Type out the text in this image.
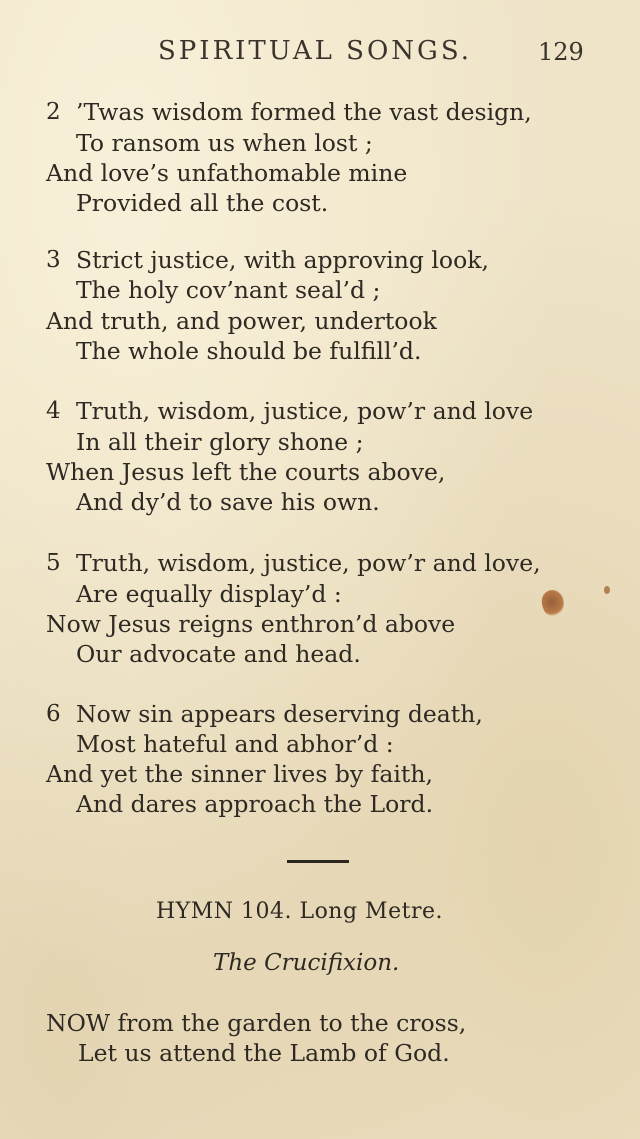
SPIRITUAL SONGS.	129
2 ’Twas wisdom formed the vast design,
To ransom us when lost ;
And love’s unfathomable mine
Provided all the cost.
3 Strict justice, with approving look,
The holy cov’nant seal’d ;
And truth, and power, undertook
The whole should be fulfill’d.
4 Truth, wisdom, justice, pow’r and love
In all their glory shone ;
When Jesus left the courts above,
And dy’d to save his own.
5 Truth, wisdom, justice, pow’r and love,
Are equally display’d :
Now Jesus reigns enthron’d above
Our advocate and head.
6 Now sin appears deserving death,
Most hateful and abhor’d :
And yet the sinner lives by faith,
And dares approach the Lord.
HYMN 104. Long Metre.
The Crucifixion.
NOW from the garden to the cross,
Let us attend the Lamb of God.
